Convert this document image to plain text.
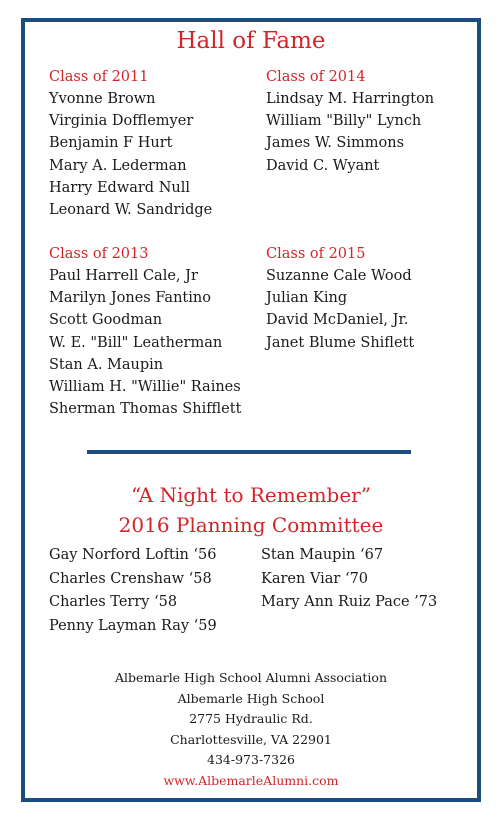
Hall of Fame
Class of 2011
Yvonne Brown
Virginia Dofflemyer
Benjamin F Hurt
Mary A. Lederman
Harry Edward Null
Leonard W. Sandridge
Class of 2014
Lindsay M. Harrington
William "Billy" Lynch
James W. Simmons
David C. Wyant
Class of 2013
Paul Harrell Cale, Jr
Marilyn Jones Fantino
Scott Goodman
W. E. "Bill" Leatherman
Stan A. Maupin
William H. "Willie" Raines
Sherman Thomas Shifflett
Class of 2015
Suzanne Cale Wood
Julian King
David McDaniel, Jr.
Janet Blume Shiflett
“A Night to Remember”
2016 Planning Committee
Gay Norford Loftin ‘56
Charles Crenshaw ‘58
Charles Terry ‘58
Penny Layman Ray ‘59
Stan Maupin ‘67
Karen Viar ‘70
Mary Ann Ruiz Pace ’73
Albemarle High School Alumni Association
Albemarle High School
2775 Hydraulic Rd.
Charlottesville, VA 22901
434-973-7326
www.AlbemarleAlumni.com
